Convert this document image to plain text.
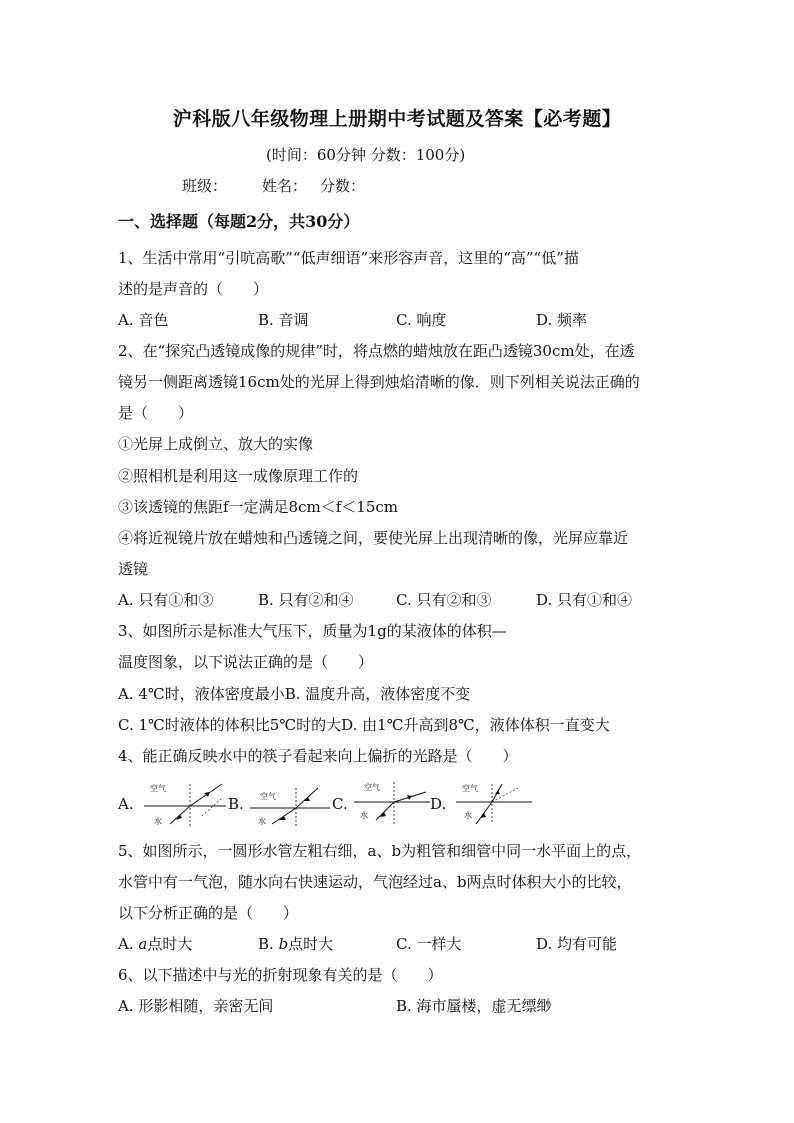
沪科版八年级物理上册期中考试题及答案【必考题】
(时间：60分钟 分数：100分)
班级： 姓名： 分数：
一、选择题（每题2分，共30分）
1、生活中常用“引吭高歌”“低声细语”来形容声音，这里的“高”“低”描
述的是声音的（　　）
A. 音色	B. 音调	C. 响度	D. 频率
2、在“探究凸透镜成像的规律”时，将点燃的蜡烛放在距凸透镜30cm处，在透
镜另一侧距离透镜16cm处的光屏上得到烛焰清晰的像．则下列相关说法正确的
是（　　）
①光屏上成倒立、放大的实像
②照相机是利用这一成像原理工作的
③该透镜的焦距f一定满足8cm＜f＜15cm
④将近视镜片放在蜡烛和凸透镜之间，要使光屏上出现清晰的像，光屏应靠近
透镜
A. 只有①和③	B. 只有②和④	C. 只有②和③	D. 只有①和④
3、如图所示是标准大气压下，质量为1g的某液体的体积—
温度图象，以下说法正确的是（　　）
A. 4℃时，液体密度最小B. 温度升高，液体密度不变
C. 1℃时液体的体积比5℃时的大D. 由1℃升高到8℃，液体体积一直变大
4、能正确反映水中的筷子看起来向上偏折的光路是（　　）
A.	B.	C.	D.
空气
水
空气
水
空气
水
空气
水
5、如图所示，一圆形水管左粗右细，a、b为粗管和细管中同一水平面上的点，
水管中有一气泡，随水向右快速运动，气泡经过a、b两点时体积大小的比较，
以下分析正确的是（　　）
A. a点时大	B. b点时大	C. 一样大	D. 均有可能
6、以下描述中与光的折射现象有关的是（　　）
A. 形影相随，亲密无间	B. 海市蜃楼，虚无缥缈
